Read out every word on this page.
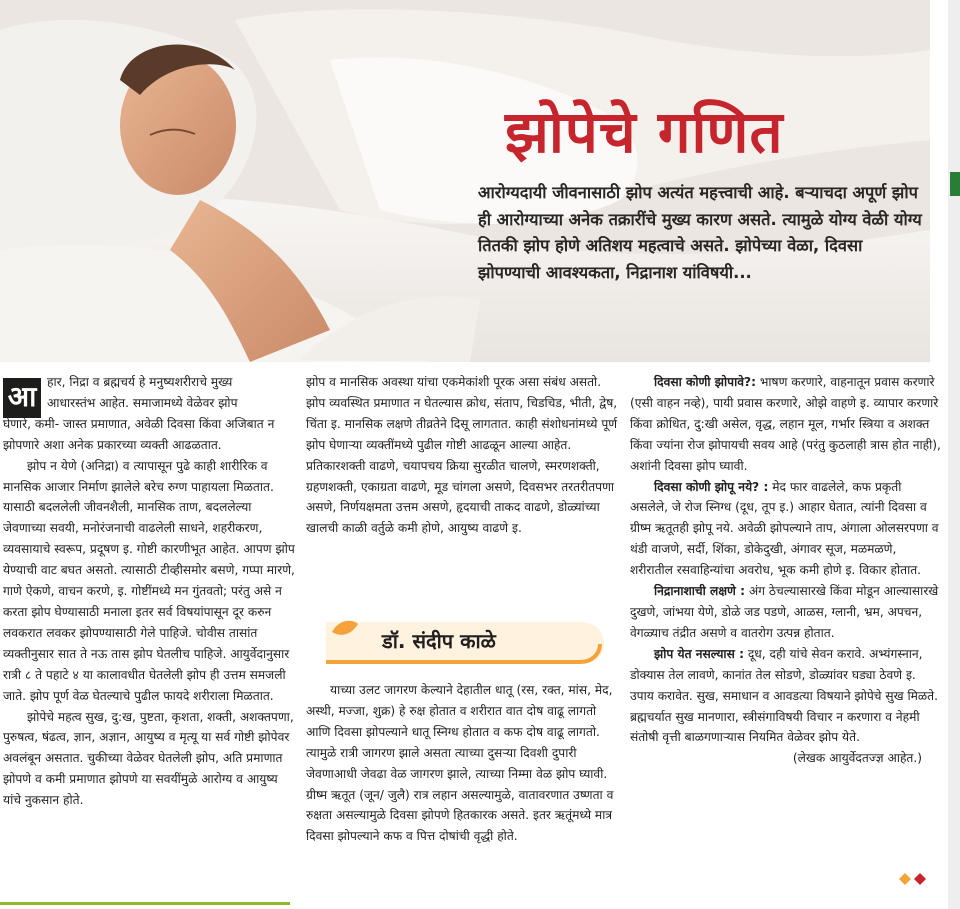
झोपेचे गणित

आरोग्यदायी जीवनासाठी झोप अत्यंत महत्त्वाची आहे. बऱ्याचदा अपूर्ण झोप ही आरोग्याच्या अनेक तक्रारींचे मुख्य कारण असते. त्यामुळे योग्य वेळी योग्य तितकी झोप होणे अतिशय महत्वाचे असते. झोपेच्या वेळा, दिवसा झोपण्याची आवश्यकता, निद्रानाश यांविषयी...

आ हार, निद्रा व ब्रह्मचर्य हे मनुष्यशरीराचे मुख्य

आधारस्तंभ आहेत. समाजामध्ये वेळेवर झोप

घेणारे, कमी- जास्त प्रमाणात, अवेळी दिवसा किंवा अजिबात न झोपणारे अशा अनेक प्रकारच्या व्यक्ती आढळतात.

झोप न येणे (अनिद्रा) व त्यापासून पुढे काही शारीरिक व मानसिक आजार निर्माण झालेले बरेच रुग्ण पाहायला मिळतात. यासाठी बदललेली जीवनशैली, मानसिक ताण, बदललेल्या जेवणाच्या सवयी, मनोरंजनाची वाढलेली साधने, शहरीकरण, व्यवसायाचे स्वरूप, प्रदूषण इ. गोष्टी कारणीभूत आहेत. आपण झोप येण्याची वाट बघत असतो. त्यासाठी टीव्हीसमोर बसणे, गप्पा मारणे, गाणे ऐकणे, वाचन करणे, इ. गोष्टींमध्ये मन गुंतवतो; परंतु असे न करता झोप घेण्यासाठी मनाला इतर सर्व विषयांपासून दूर करुन लवकरात लवकर झोपण्यासाठी गेले पाहिजे. चोवीस तासांत व्यक्तीनुसार सात ते नऊ तास झोप घेतलीच पाहिजे. आयुर्वेदानुसार रात्री ८ ते पहाटे ४ या कालावधीत घेतलेली झोप ही उत्तम समजली जाते. झोप पूर्ण वेळ घेतल्याचे पुढील फायदे शरीराला मिळतात.

झोपेचे महत्व सुख, दु:ख, पुष्टता, कृशता, शक्ती, अशक्तपणा, पुरुषत्व, षंढत्व, ज्ञान, अज्ञान, आयुष्य व मृत्यू या सर्व गोष्टी झोपेवर अवलंबून असतात. चुकीच्या वेळेवर घेतलेली झोप, अति प्रमाणात झोपणे व कमी प्रमाणात झोपणे या सवयींमुळे आरोग्य व आयुष्य यांचे नुकसान होते.

झोप व मानसिक अवस्था यांचा एकमेकांशी पूरक असा संबंध असतो. झोप व्यवस्थित प्रमाणात न घेतल्यास क्रोध, संताप, चिडचिड, भीती, द्वेष, चिंता इ. मानसिक लक्षणे तीव्रतेने दिसू लागतात. काही संशोधनांमध्ये पूर्ण झोप घेणाऱ्या व्यक्तींमध्ये पुढील गोष्टी आढळून आल्या आहेत. प्रतिकारशक्ती वाढणे, चयापचय क्रिया सुरळीत चालणे, स्मरणशक्ती, ग्रहणशक्ती, एकाग्रता वाढणे, मूड चांगला असणे, दिवसभर तरतरीतपणा असणे, निर्णयक्षमता उत्तम असणे, हृदयाची ताकद वाढणे, डोळ्यांच्या खालची काळी वर्तुळे कमी होणे, आयुष्य वाढणे इ.

डॉ. संदीप काळे

याच्या उलट जागरण केल्याने देहातील धातू (रस, रक्त, मांस, मेद, अस्थी, मज्जा, शुक्र) हे रुक्ष होतात व शरीरात वात दोष वाढू लागतो आणि दिवसा झोपल्याने धातू स्निग्ध होतात व कफ दोष वाढू लागतो. त्यामुळे रात्री जागरण झाले असता त्याच्या दुसऱ्या दिवशी दुपारी जेवणाआधी जेवढा वेळ जागरण झाले, त्याच्या निम्मा वेळ झोप घ्यावी. ग्रीष्म ऋतूत (जून/ जुलै) रात्र लहान असल्यामुळे, वातावरणात उष्णता व रुक्षता असल्यामुळे दिवसा झोपणे हितकारक असते. इतर ऋतूंमध्ये मात्र दिवसा झोपल्याने कफ व पित्त दोषांची वृद्धी होते.

दिवसा कोणी झोपावे?: भाषण करणारे, वाहनातून प्रवास करणारे (एसी वाहन नव्हे), पायी प्रवास करणारे, ओझे वाहणे इ. व्यापार करणारे किंवा क्रोधित, दु:खी असेल, वृद्ध, लहान मूल, गर्भार स्त्रिया व अशक्त किंवा ज्यांना रोज झोपायची सवय आहे (परंतु कुठलाही त्रास होत नाही), अशांनी दिवसा झोप घ्यावी.

दिवसा कोणी झोपू नये? : मेद फार वाढलेले, कफ प्रकृती असलेले, जे रोज स्निग्ध (दूध, तूप इ.) आहार घेतात, त्यांनी दिवसा व ग्रीष्म ऋतूतही झोपू नये. अवेळी झोपल्याने ताप, अंगाला ओलसरपणा व थंडी वाजणे, सर्दी, शिंका, डोकेदुखी, अंगावर सूज, मळमळणे, शरीरातील रसवाहिन्यांचा अवरोध, भूक कमी होणे इ. विकार होतात.

निद्रानाशाची लक्षणे : अंग ठेचल्यासारखे किंवा मोडून आल्यासारखे दुखणे, जांभया येणे, डोळे जड पडणे, आळस, ग्लानी, भ्रम, अपचन, वेगळ्याच तंद्रीत असणे व वातरोग उत्पन्न होतात.

झोप येत नसल्यास : दूध, दही यांचे सेवन करावे. अभ्यंगस्नान, डोक्यास तेल लावणे, कानांत तेल सोडणे, डोळ्यांवर घड्या ठेवणे इ. उपाय करावेत. सुख, समाधान व आवडत्या विषयाने झोपेचे सुख मिळते. ब्रह्मचर्यात सुख मानणारा, स्त्रीसंगाविषयी विचार न करणारा व नेहमी संतोषी वृत्ती बाळगणाऱ्यास नियमित वेळेवर झोप येते.

(लेखक आयुर्वेदतज्ज्ञ आहेत.)
